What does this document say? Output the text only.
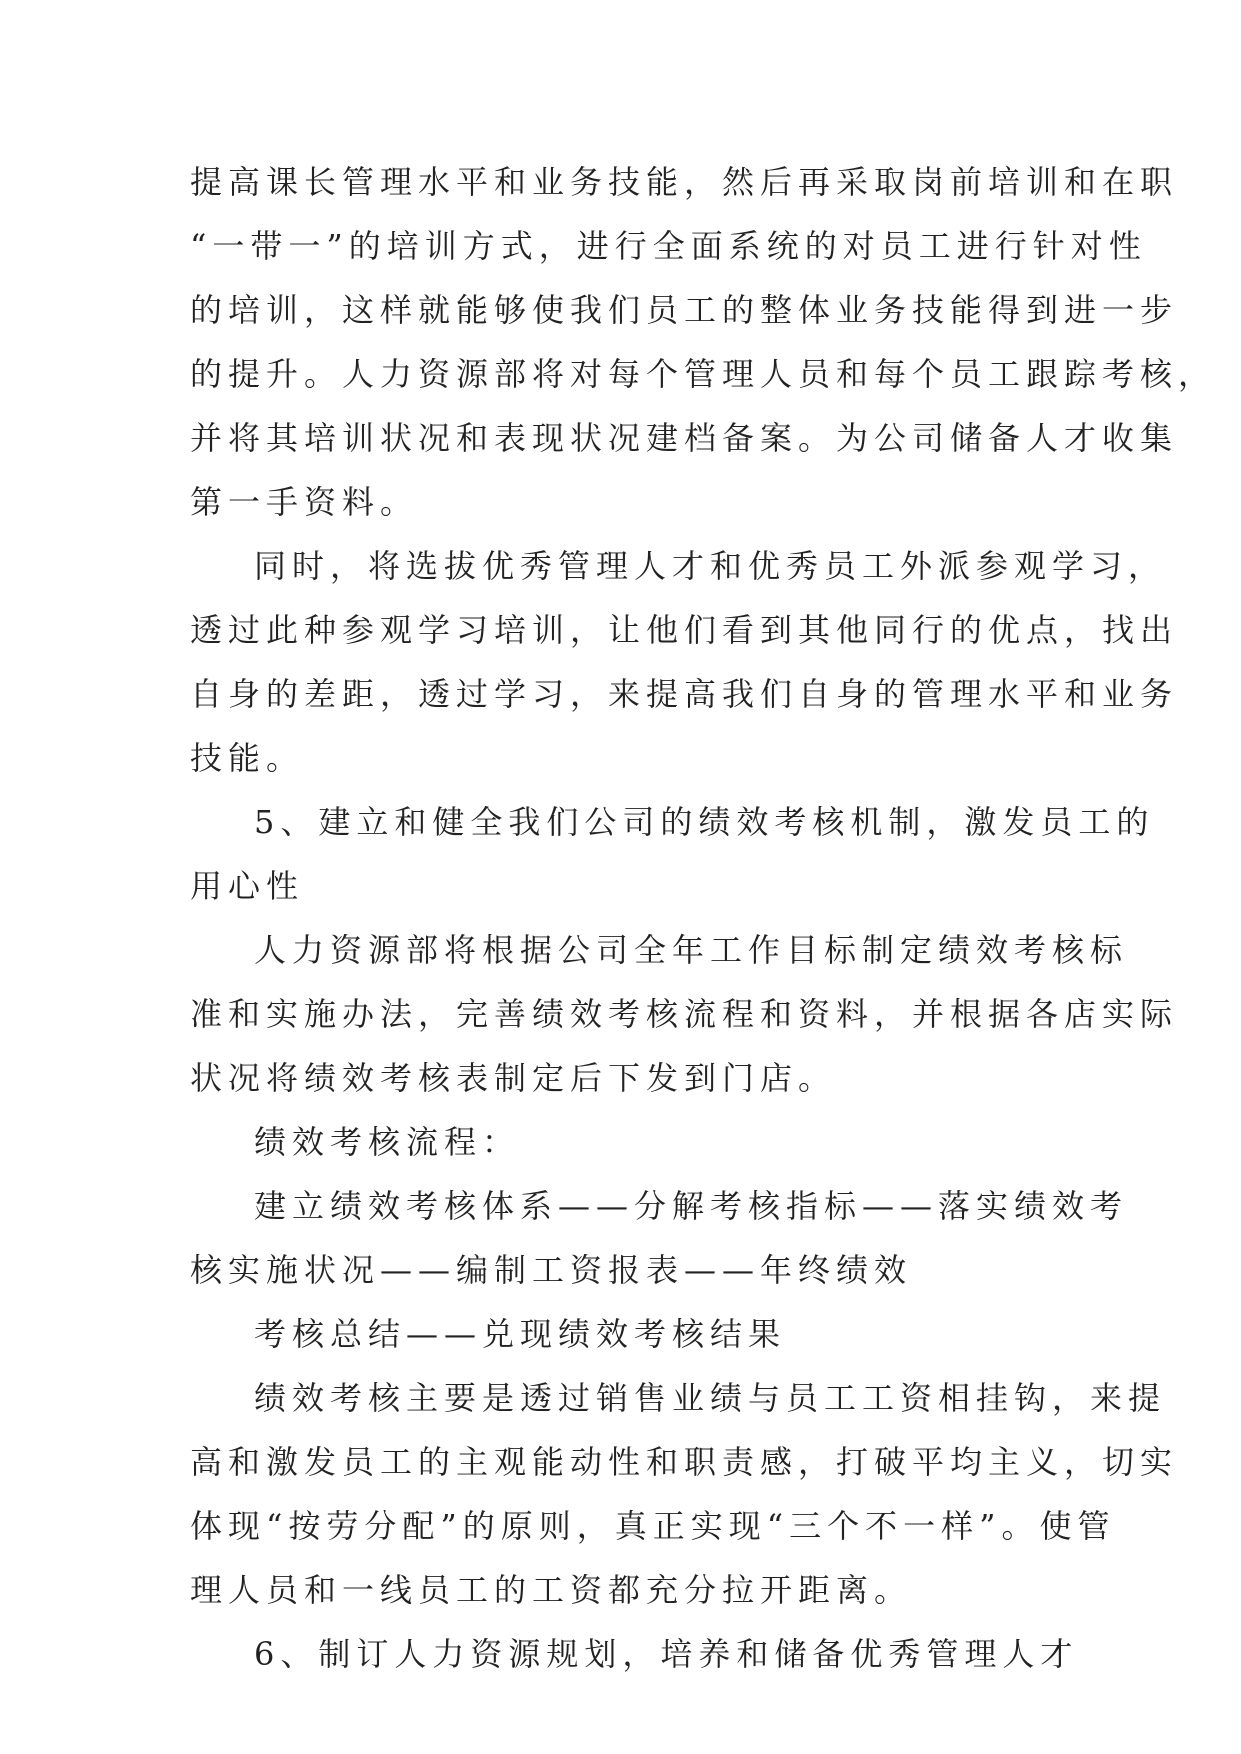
提高课长管理水平和业务技能，然后再采取岗前培训和在职
“一带一”的培训方式，进行全面系统的对员工进行针对性
的培训，这样就能够使我们员工的整体业务技能得到进一步
的提升。人力资源部将对每个管理人员和每个员工跟踪考核，
并将其培训状况和表现状况建档备案。为公司储备人才收集
第一手资料。
同时，将选拔优秀管理人才和优秀员工外派参观学习，
透过此种参观学习培训，让他们看到其他同行的优点，找出
自身的差距，透过学习，来提高我们自身的管理水平和业务
技能。
5、建立和健全我们公司的绩效考核机制，激发员工的
用心性
人力资源部将根据公司全年工作目标制定绩效考核标
准和实施办法，完善绩效考核流程和资料，并根据各店实际
状况将绩效考核表制定后下发到门店。
绩效考核流程：
建立绩效考核体系——分解考核指标——落实绩效考
核实施状况——编制工资报表——年终绩效
考核总结——兑现绩效考核结果
绩效考核主要是透过销售业绩与员工工资相挂钩，来提
高和激发员工的主观能动性和职责感，打破平均主义，切实
体现“按劳分配”的原则，真正实现“三个不一样”。使管
理人员和一线员工的工资都充分拉开距离。
6、制订人力资源规划，培养和储备优秀管理人才
